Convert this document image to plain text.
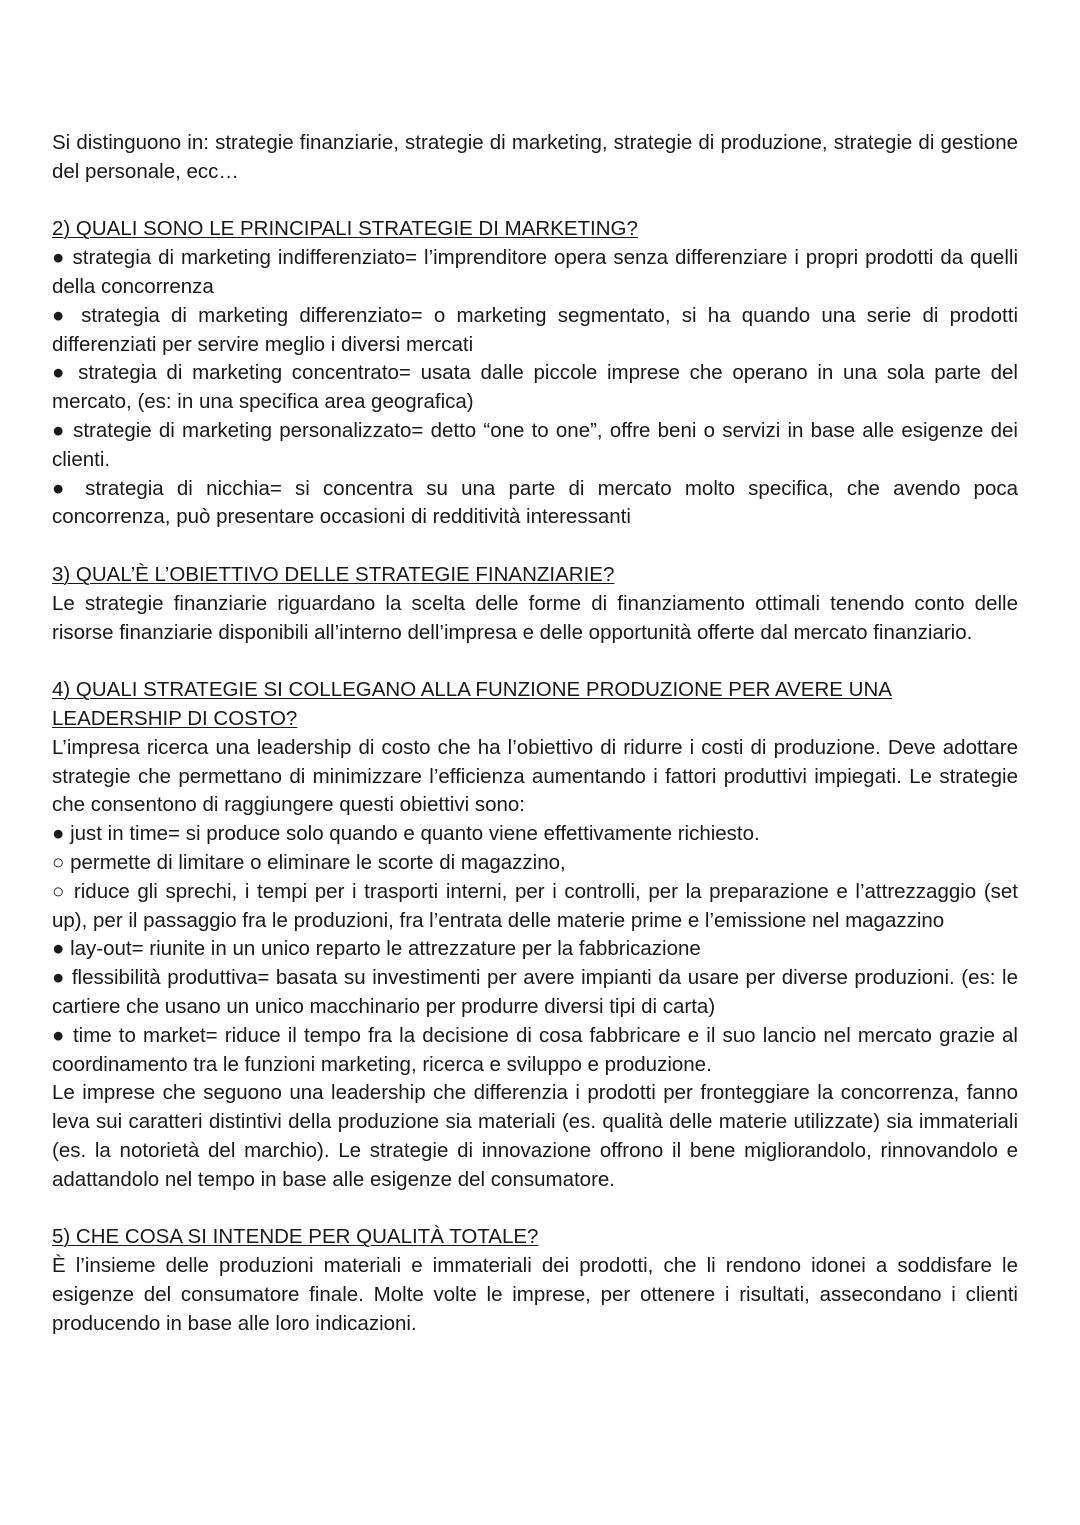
Si distinguono in: strategie finanziarie, strategie di marketing, strategie di produzione, strategie di gestione del personale, ecc…

2) QUALI SONO LE PRINCIPALI STRATEGIE DI MARKETING?

● strategia di marketing indifferenziato= l’imprenditore opera senza differenziare i propri prodotti da quelli della concorrenza

● strategia di marketing differenziato= o marketing segmentato, si ha quando una serie di prodotti differenziati per servire meglio i diversi mercati

● strategia di marketing concentrato= usata dalle piccole imprese che operano in una sola parte del mercato, (es: in una specifica area geografica)

● strategie di marketing personalizzato= detto “one to one”, offre beni o servizi in base alle esigenze dei clienti.

● strategia di nicchia= si concentra su una parte di mercato molto specifica, che avendo poca concorrenza, può presentare occasioni di redditività interessanti

3) QUAL’È L’OBIETTIVO DELLE STRATEGIE FINANZIARIE?

Le strategie finanziarie riguardano la scelta delle forme di finanziamento ottimali tenendo conto delle risorse finanziarie disponibili all’interno dell’impresa e delle opportunità offerte dal mercato finanziario.

4) QUALI STRATEGIE SI COLLEGANO ALLA FUNZIONE PRODUZIONE PER AVERE UNA LEADERSHIP DI COSTO?

L’impresa ricerca una leadership di costo che ha l’obiettivo di ridurre i costi di produzione. Deve adottare strategie che permettano di minimizzare l’efficienza aumentando i fattori produttivi impiegati. Le strategie che consentono di raggiungere questi obiettivi sono:

● just in time= si produce solo quando e quanto viene effettivamente richiesto.

○ permette di limitare o eliminare le scorte di magazzino,

○ riduce gli sprechi, i tempi per i trasporti interni, per i controlli, per la preparazione e l’attrezzaggio (set up), per il passaggio fra le produzioni, fra l’entrata delle materie prime e l’emissione nel magazzino

● lay-out= riunite in un unico reparto le attrezzature per la fabbricazione

● flessibilità produttiva= basata su investimenti per avere impianti da usare per diverse produzioni. (es: le cartiere che usano un unico macchinario per produrre diversi tipi di carta)

● time to market= riduce il tempo fra la decisione di cosa fabbricare e il suo lancio nel mercato grazie al coordinamento tra le funzioni marketing, ricerca e sviluppo e produzione.

Le imprese che seguono una leadership che differenzia i prodotti per fronteggiare la concorrenza, fanno leva sui caratteri distintivi della produzione sia materiali (es. qualità delle materie utilizzate) sia immateriali (es. la notorietà del marchio). Le strategie di innovazione offrono il bene migliorandolo, rinnovandolo e adattandolo nel tempo in base alle esigenze del consumatore.

5) CHE COSA SI INTENDE PER QUALITÀ TOTALE?

È l’insieme delle produzioni materiali e immateriali dei prodotti, che li rendono idonei a soddisfare le esigenze del consumatore finale. Molte volte le imprese, per ottenere i risultati, assecondano i clienti producendo in base alle loro indicazioni.
